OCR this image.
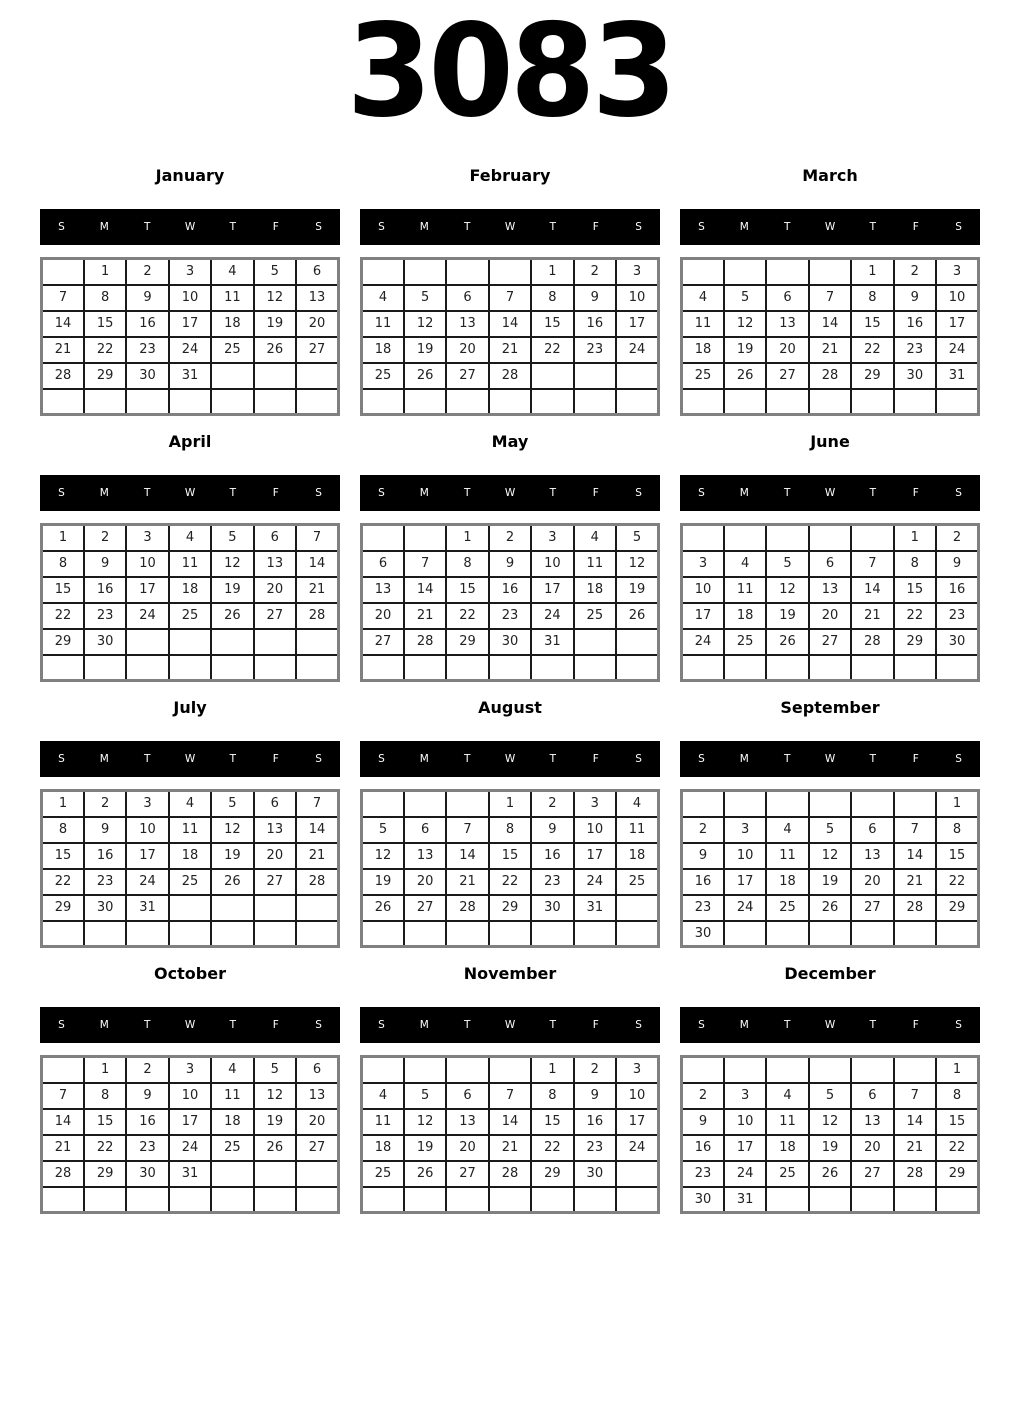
3083
January
S	M	T	W	T	F	S
	1	2	3	4	5	6
7	8	9	10	11	12	13
14	15	16	17	18	19	20
21	22	23	24	25	26	27
28	29	30	31			

February
S	M	T	W	T	F	S
				1	2	3
4	5	6	7	8	9	10
11	12	13	14	15	16	17
18	19	20	21	22	23	24
25	26	27	28			

March
S	M	T	W	T	F	S
				1	2	3
4	5	6	7	8	9	10
11	12	13	14	15	16	17
18	19	20	21	22	23	24
25	26	27	28	29	30	31

April
S	M	T	W	T	F	S
1	2	3	4	5	6	7
8	9	10	11	12	13	14
15	16	17	18	19	20	21
22	23	24	25	26	27	28
29	30					

May
S	M	T	W	T	F	S
		1	2	3	4	5
6	7	8	9	10	11	12
13	14	15	16	17	18	19
20	21	22	23	24	25	26
27	28	29	30	31		

June
S	M	T	W	T	F	S
					1	2
3	4	5	6	7	8	9
10	11	12	13	14	15	16
17	18	19	20	21	22	23
24	25	26	27	28	29	30

July
S	M	T	W	T	F	S
1	2	3	4	5	6	7
8	9	10	11	12	13	14
15	16	17	18	19	20	21
22	23	24	25	26	27	28
29	30	31				

August
S	M	T	W	T	F	S
			1	2	3	4
5	6	7	8	9	10	11
12	13	14	15	16	17	18
19	20	21	22	23	24	25
26	27	28	29	30	31	

September
S	M	T	W	T	F	S
						1
2	3	4	5	6	7	8
9	10	11	12	13	14	15
16	17	18	19	20	21	22
23	24	25	26	27	28	29
30						
October
S	M	T	W	T	F	S
	1	2	3	4	5	6
7	8	9	10	11	12	13
14	15	16	17	18	19	20
21	22	23	24	25	26	27
28	29	30	31			

November
S	M	T	W	T	F	S
				1	2	3
4	5	6	7	8	9	10
11	12	13	14	15	16	17
18	19	20	21	22	23	24
25	26	27	28	29	30	

December
S	M	T	W	T	F	S
						1
2	3	4	5	6	7	8
9	10	11	12	13	14	15
16	17	18	19	20	21	22
23	24	25	26	27	28	29
30	31					
